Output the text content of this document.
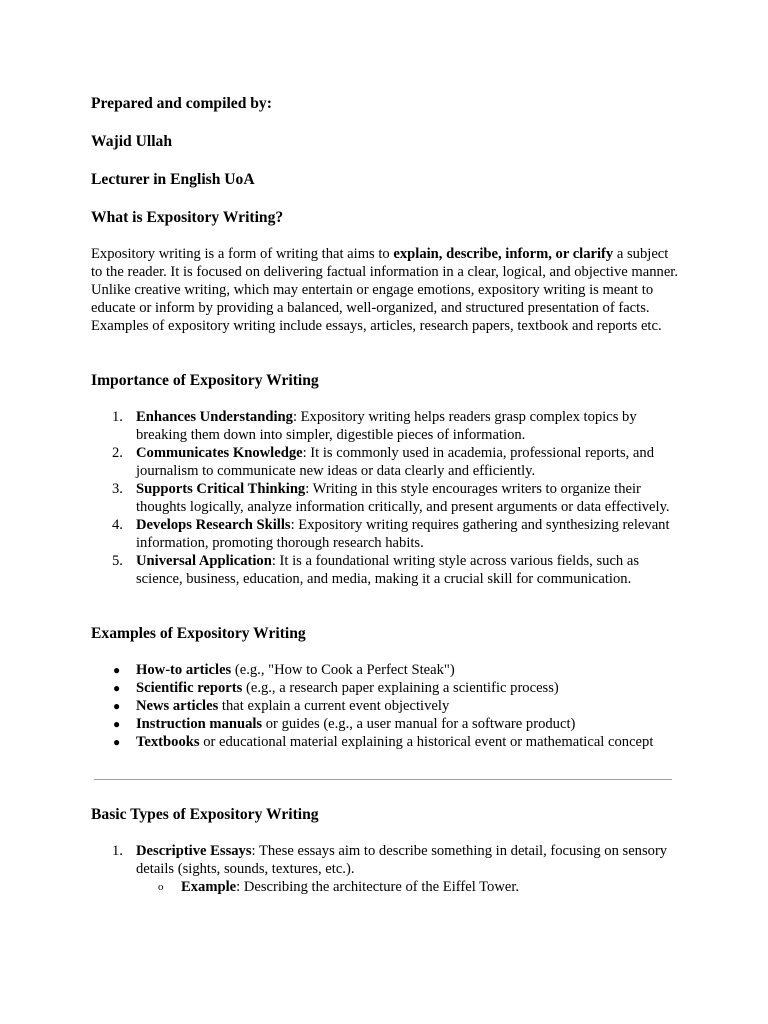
Prepared and compiled by:
Wajid Ullah
Lecturer in English UoA
What is Expository Writing?

Expository writing is a form of writing that aims to explain, describe, inform, or clarify a subject to the reader. It is focused on delivering factual information in a clear, logical, and objective manner. Unlike creative writing, which may entertain or engage emotions, expository writing is meant to educate or inform by providing a balanced, well-organized, and structured presentation of facts. Examples of expository writing include essays, articles, research papers, textbook and reports etc.

Importance of Expository Writing
1. Enhances Understanding: Expository writing helps readers grasp complex topics by breaking them down into simpler, digestible pieces of information.
2. Communicates Knowledge: It is commonly used in academia, professional reports, and journalism to communicate new ideas or data clearly and efficiently.
3. Supports Critical Thinking: Writing in this style encourages writers to organize their thoughts logically, analyze information critically, and present arguments or data effectively.
4. Develops Research Skills: Expository writing requires gathering and synthesizing relevant information, promoting thorough research habits.
5. Universal Application: It is a foundational writing style across various fields, such as science, business, education, and media, making it a crucial skill for communication.
Examples of Expository Writing
● How-to articles (e.g., "How to Cook a Perfect Steak")
● Scientific reports (e.g., a research paper explaining a scientific process)
● News articles that explain a current event objectively
● Instruction manuals or guides (e.g., a user manual for a software product)
● Textbooks or educational material explaining a historical event or mathematical concept
Basic Types of Expository Writing
1. Descriptive Essays: These essays aim to describe something in detail, focusing on sensory details (sights, sounds, textures, etc.).
o Example: Describing the architecture of the Eiffel Tower.
